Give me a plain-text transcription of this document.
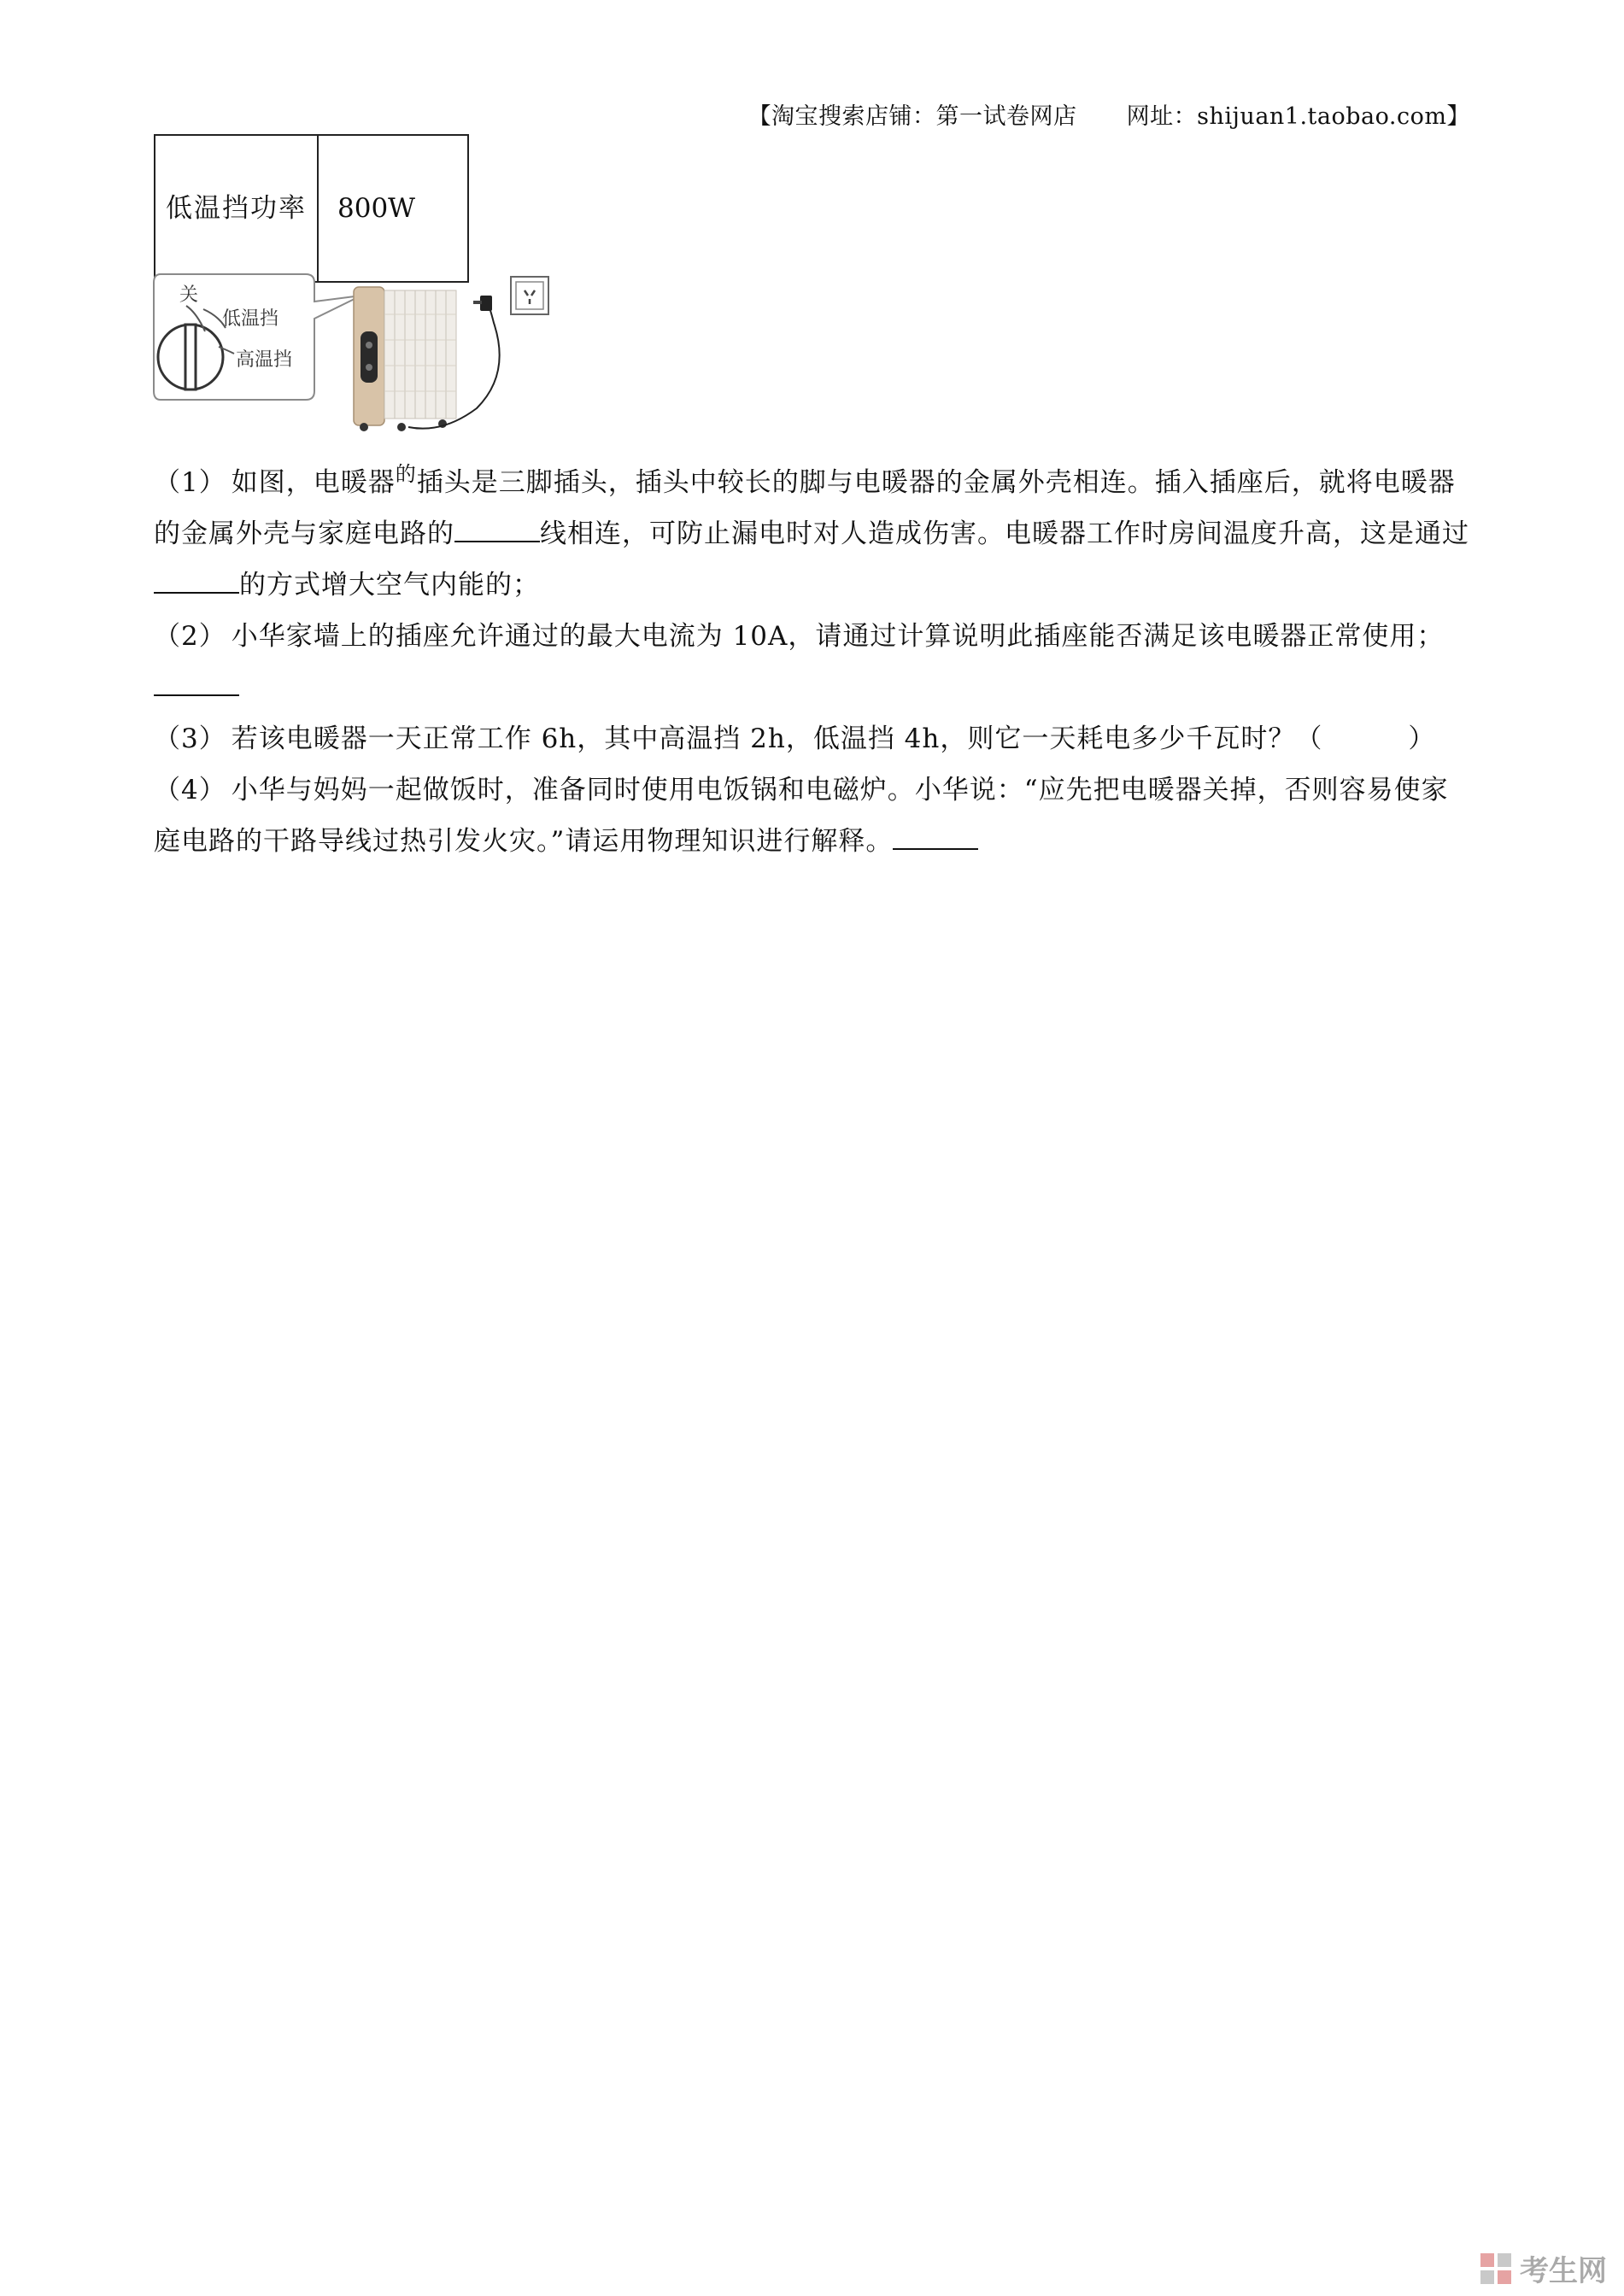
【淘宝搜索店铺：第一试卷网店 网址：shijuan1.taobao.com】
低温挡功率	800W
关
低温挡
高温挡

（1） 如图，电暖器$^的$插头是三脚插头，插头中较长的脚与电暖器的金属外壳相连。插入插座后，就将电暖器的金属外壳与家庭电路的	线相连，可防止漏电时对人造成伤害。电暖器工作时房间温度升高，这是通过的方式增大空气内能的；

（2） 小华家墙上的插座允许通过的最大电流为 10A，请通过计算说明此插座能否满足该电暖器正常使用；

（3） 若该电暖器一天正常工作 6h，其中高温挡 2h，低温挡 4h，则它一天耗电多少千瓦时？（	）

（4） 小华与妈妈一起做饭时，准备同时使用电饭锅和电磁炉。小华说：“应先把电暖器关掉，否则容易使家庭电路的干路导线过热引发火灾。”请运用物理知识进行解释。

考生网
